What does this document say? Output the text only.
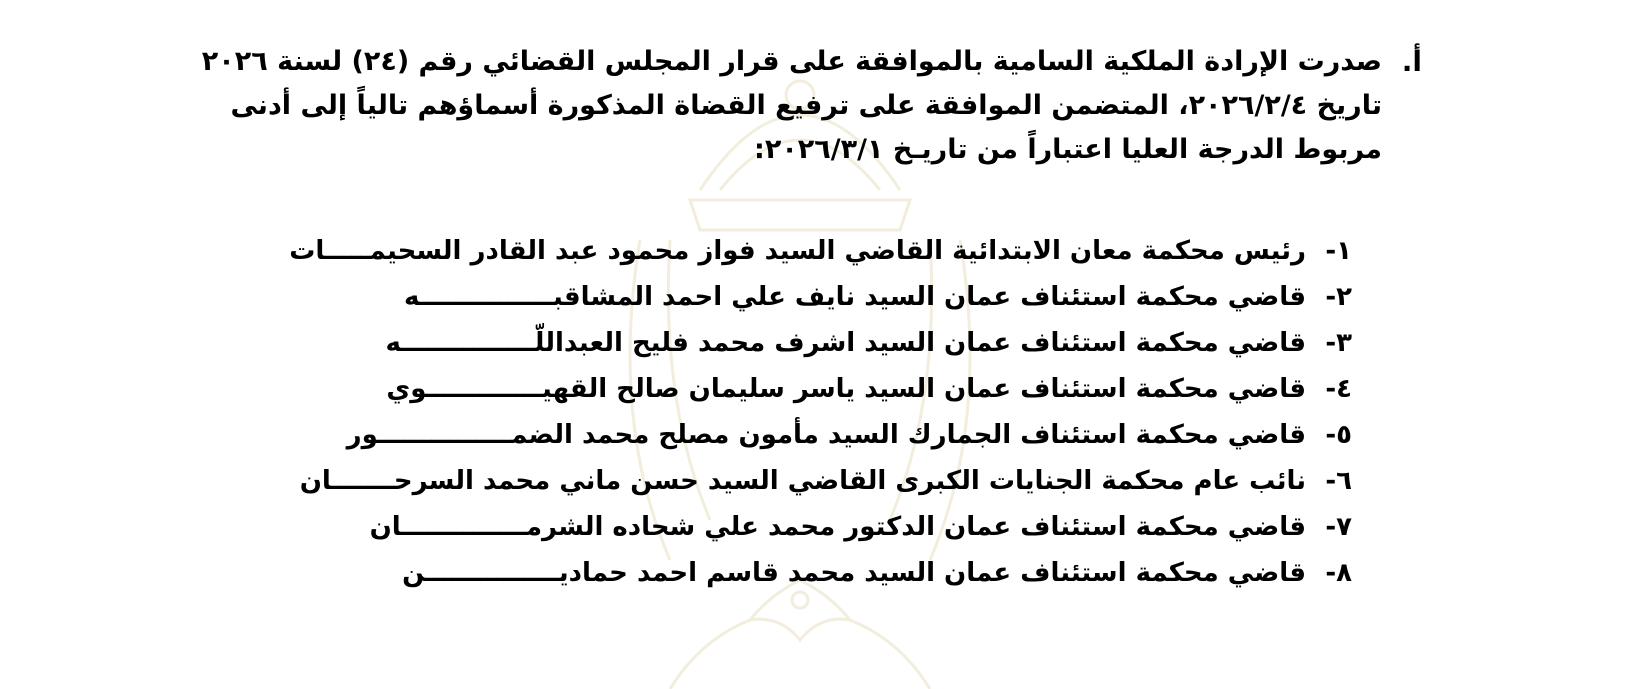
أ.
صدرت الإرادة الملكية السامية بالموافقة على قرار المجلس القضائي رقم (٢٤) لسنة ٢٠٢٦
تاريخ ٢٠٢٦/٢/٤، المتضمن الموافقة على ترفيع القضاة المذكورة أسماؤهم تالياً إلى أدنى
مربوط الدرجة العليا اعتباراً من تاريـخ ٢٠٢٦/٣/١:
١-
رئيس محكمة معان الابتدائية القاضي السيد فواز محمود عبد القادر السحيمـــــات
٢-
قاضي محكمة استئناف عمان السيد نايف علي احمد المشاقبـــــــــــــــه
٣-
قاضي محكمة استئناف عمان السيد اشرف محمد فليح العبداللّـــــــــــــــه
٤-
قاضي محكمة استئناف عمان السيد ياسر سليمان صالح القهيـــــــــــــوي
٥-
قاضي محكمة استئناف الجمارك السيد مأمون مصلح محمد الضمـــــــــــــــور
٦-
نائب عام محكمة الجنايات الكبرى القاضي السيد حسن ماني محمد السرحـــــــان
٧-
قاضي محكمة استئناف عمان الدكتور محمد علي شحاده الشرمــــــــــــــان
٨-
قاضي محكمة استئناف عمان السيد محمد قاسم احمد حماديـــــــــــــــن
